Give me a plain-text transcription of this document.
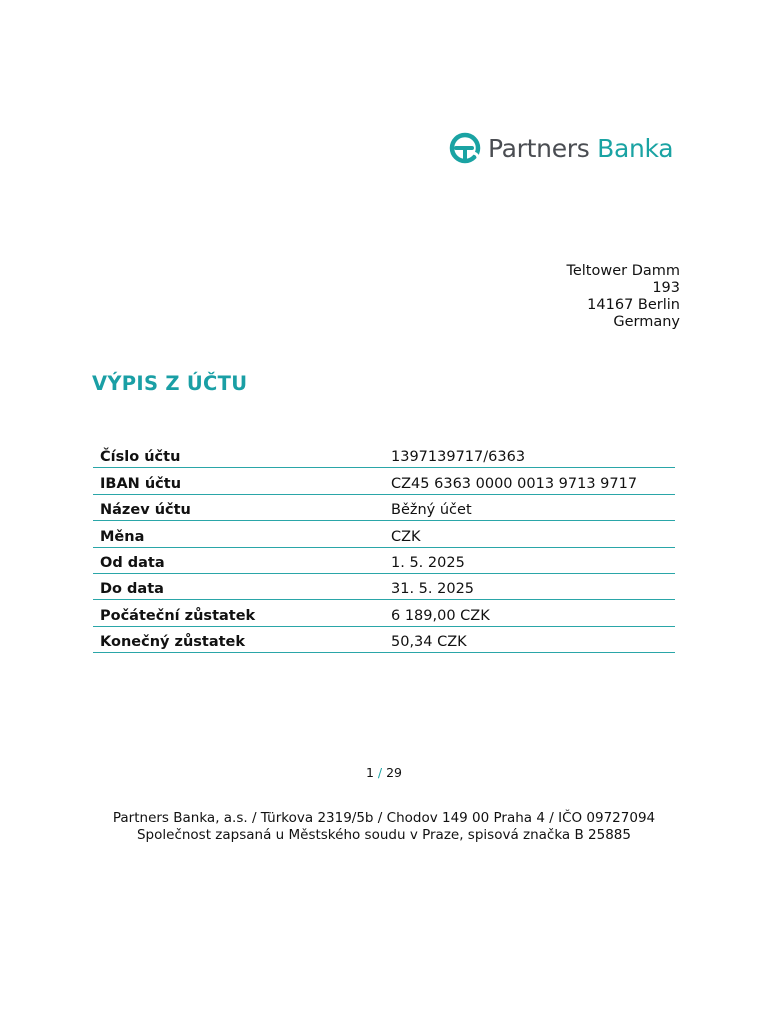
Partners Banka
Teltower Damm
193
14167 Berlin
Germany
VÝPIS Z ÚČTU
Číslo účtu	1397139717/6363
IBAN účtu	CZ45 6363 0000 0013 9713 9717
Název účtu	Běžný účet
Měna	CZK
Od data	1. 5. 2025
Do data	31. 5. 2025
Počáteční zůstatek	6 189,00 CZK
Konečný zůstatek	50,34 CZK
1 / 29
Partners Banka, a.s. / Türkova 2319/5b / Chodov 149 00 Praha 4 / IČO 09727094
Společnost zapsaná u Městského soudu v Praze, spisová značka B 25885
